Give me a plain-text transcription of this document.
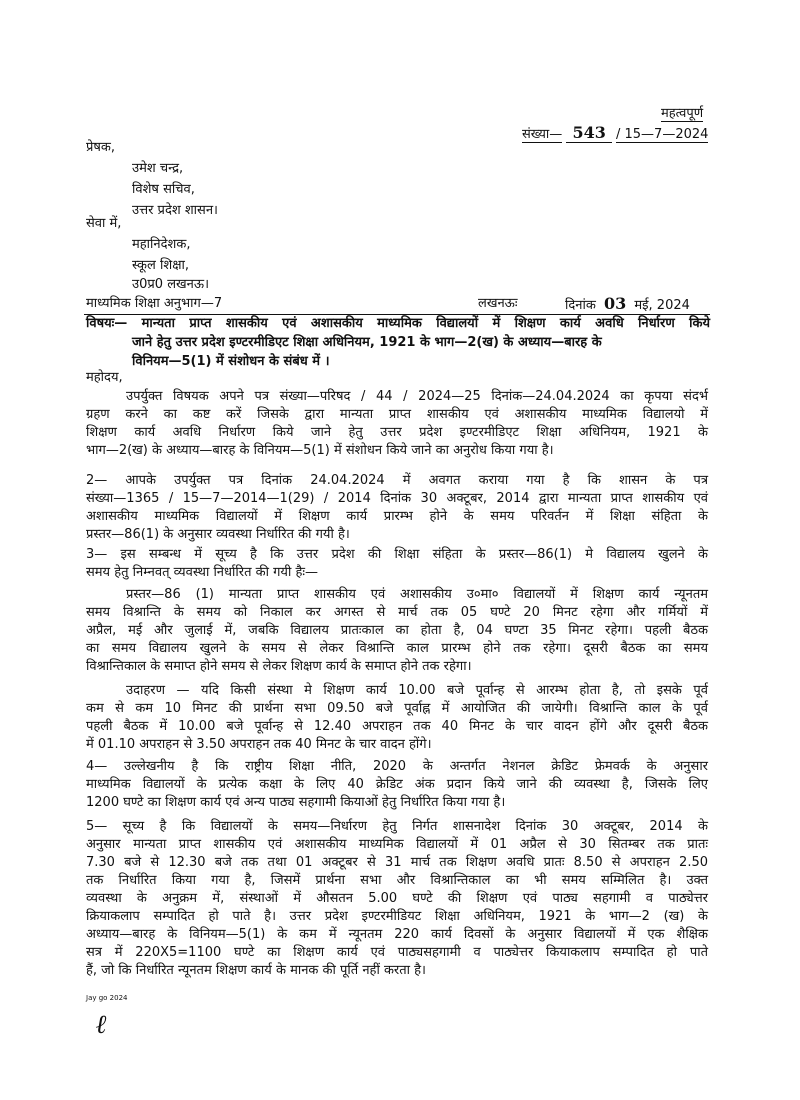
महत्वपूर्ण
संख्या— 543 / 15—7—2024
प्रेषक,
उमेश चन्द्र,
विशेष सचिव,
उत्तर प्रदेश शासन।
सेवा में,
महानिदेशक,
स्कूल शिक्षा,
उ0प्र0 लखनऊ।
माध्यमिक शिक्षा अनुभाग—7	लखनऊः	दिनांक 03 मई, 2024
विषयः— मान्यता प्राप्त शासकीय एवं अशासकीय माध्यमिक विद्यालयों में शिक्षण कार्य अवधि निर्धारण किये
जाने हेतु उत्तर प्रदेश इण्टरमीडिएट शिक्षा अधिनियम, 1921 के भाग—2(ख) के अध्याय—बारह के
विनियम—5(1) में संशोधन के संबंध में ।
महोदय,
उपर्युक्त विषयक अपने पत्र संख्या—परिषद / 44 / 2024—25 दिनांक—24.04.2024 का कृपया संदर्भ
ग्रहण करने का कष्ट करें जिसके द्वारा मान्यता प्राप्त शासकीय एवं अशासकीय माध्यमिक विद्यालयो में
शिक्षण कार्य अवधि निर्धारण किये जाने हेतु उत्तर प्रदेश इण्टरमीडिएट शिक्षा अधिनियम, 1921 के
भाग—2(ख) के अध्याय—बारह के विनियम—5(1) में संशोधन किये जाने का अनुरोध किया गया है।
2— आपके उपर्युक्त पत्र दिनांक 24.04.2024 में अवगत कराया गया है कि शासन के पत्र
संख्या—1365 / 15—7—2014—1(29) / 2014 दिनांक 30 अक्टूबर, 2014 द्वारा मान्यता प्राप्त शासकीय एवं
अशासकीय माध्यमिक विद्यालयों में शिक्षण कार्य प्रारम्भ होने के समय परिवर्तन में शिक्षा संहिता के
प्रस्तर—86(1) के अनुसार व्यवस्था निर्धारित की गयी है।
3— इस सम्बन्ध में सूच्य है कि उत्तर प्रदेश की शिक्षा संहिता के प्रस्तर—86(1) मे विद्यालय खुलने के
समय हेतु निम्नवत् व्यवस्था निर्धारित की गयी हैः—
प्रस्तर—86 (1) मान्यता प्राप्त शासकीय एवं अशासकीय उ०मा० विद्यालयों में शिक्षण कार्य न्यूनतम
समय विश्रान्ति के समय को निकाल कर अगस्त से मार्च तक 05 घण्टे 20 मिनट रहेगा और गर्मियों में
अप्रैल, मई और जुलाई में, जबकि विद्यालय प्रातःकाल का होता है, 04 घण्टा 35 मिनट रहेगा। पहली बैठक
का समय विद्यालय खुलने के समय से लेकर विश्रान्ति काल प्रारम्भ होने तक रहेगा। दूसरी बैठक का समय
विश्रान्तिकाल के समाप्त होने समय से लेकर शिक्षण कार्य के समाप्त होने तक रहेगा।
उदाहरण — यदि किसी संस्था मे शिक्षण कार्य 10.00 बजे पूर्वान्ह से आरम्भ होता है, तो इसके पूर्व
कम से कम 10 मिनट की प्रार्थना सभा 09.50 बजे पूर्वाह्न में आयोजित की जायेगी। विश्रान्ति काल के पूर्व
पहली बैठक में 10.00 बजे पूर्वान्ह से 12.40 अपराहन तक 40 मिनट के चार वादन होंगे और दूसरी बैठक
में 01.10 अपराहन से 3.50 अपराहन तक 40 मिनट के चार वादन होंगे।
4— उल्लेखनीय है कि राष्ट्रीय शिक्षा नीति, 2020 के अन्तर्गत नेशनल क्रेडिट फ्रेमवर्क के अनुसार
माध्यमिक विद्यालयों के प्रत्येक कक्षा के लिए 40 क्रेडिट अंक प्रदान किये जाने की व्यवस्था है, जिसके लिए
1200 घण्टे का शिक्षण कार्य एवं अन्य पाठ्य सहगामी कियाओं हेतु निर्धारित किया गया है।
5— सूच्य है कि विद्यालयों के समय—निर्धारण हेतु निर्गत शासनादेश दिनांक 30 अक्टूबर, 2014 के
अनुसार मान्यता प्राप्त शासकीय एवं अशासकीय माध्यमिक विद्यालयों में 01 अप्रैल से 30 सितम्बर तक प्रातः
7.30 बजे से 12.30 बजे तक तथा 01 अक्टूबर से 31 मार्च तक शिक्षण अवधि प्रातः 8.50 से अपराहन 2.50
तक निर्धारित किया गया है, जिसमें प्रार्थना सभा और विश्रान्तिकाल का भी समय सम्मिलित है। उक्त
व्यवस्था के अनुक्रम में, संस्थाओं में औसतन 5.00 घण्टे की शिक्षण एवं पाठ्य सहगामी व पाठ्येत्तर
क्रियाकलाप सम्पादित हो पाते है। उत्तर प्रदेश इण्टरमीडियट शिक्षा अधिनियम, 1921 के भाग—2 (ख) के
अध्याय—बारह के विनियम—5(1) के कम में न्यूनतम 220 कार्य दिवसों के अनुसार विद्यालयों में एक शैक्षिक
सत्र में 220X5=1100 घण्टे का शिक्षण कार्य एवं पाठ्यसहगामी व पाठ्येत्तर कियाकलाप सम्पादित हो पाते
हैं, जो कि निर्धारित न्यूनतम शिक्षण कार्य के मानक की पूर्ति नहीं करता है।
Jay go 2024
ℓ
